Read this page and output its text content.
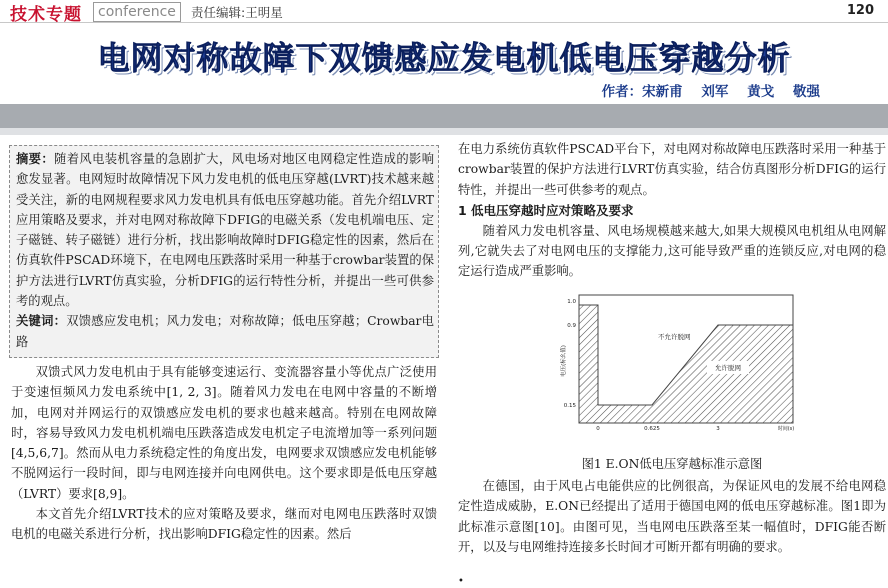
技术专题	conference	责任编辑:王明星	120
电网对称故障下双馈感应发电机低电压穿越分析
作者：宋新甫    刘军    黄戈    敬强

摘要：随着风电装机容量的急剧扩大，风电场对地区电网稳定性造成的影响愈发显著。电网短时故障情况下风力发电机的低电压穿越(LVRT)技术越来越受关注，新的电网规程要求风力发电机具有低电压穿越功能。首先介绍LVRT应用策略及要求，并对电网对称故障下DFIG的电磁关系（发电机端电压、定子磁链、转子磁链）进行分析，找出影响故障时DFIG稳定性的因素，然后在仿真软件PSCAD环境下，在电网电压跌落时采用一种基于crowbar装置的保护方法进行LVRT仿真实验，分析DFIG的运行特性分析，并提出一些可供参考的观点。

关键词：双馈感应发电机；风力发电；对称故障；低电压穿越；Crowbar电路

双馈式风力发电机由于具有能够变速运行、变流器容量小等优点广泛使用于变速恒频风力发电系统中[1, 2, 3]。随着风力发电在电网中容量的不断增加，电网对并网运行的双馈感应发电机的要求也越来越高。特别在电网故障时，容易导致风力发电机机端电压跌落造成发电机定子电流增加等一系列问题[4,5,6,7]。然而从电力系统稳定性的角度出发，电网要求双馈感应发电机能够不脱网运行一段时间，即与电网连接并向电网供电。这个要求即是低电压穿越（LVRT）要求[8,9]。

本文首先介绍LVRT技术的应对策略及要求，继而对电网电压跌落时双馈电机的电磁关系进行分析，找出影响DFIG稳定性的因素。然后

在电力系统仿真软件PSCAD平台下，对电网对称故障电压跌落时采用一种基于crowbar装置的保护方法进行LVRT仿真实验，结合仿真图形分析DFIG的运行特性，并提出一些可供参考的观点。

1 低电压穿越时应对策略及要求

随着风力发电机容量、风电场规模越来越大,如果大规模风电机组从电网解列,它就失去了对电网电压的支撑能力,这可能导致严重的连锁反应,对电网的稳定运行造成严重影响。

允许脱网
不允许脱网
1.0
0.9
0.15
0	0.625	3
电压(标幺值)
时间(s)
图1 E.ON低电压穿越标准示意图

在德国，由于风电占电能供应的比例很高，为保证风电的发展不给电网稳定性造成威胁，E.ON已经提出了适用于德国电网的低电压穿越标准。图1即为此标准示意图[10]。由图可见，当电网电压跌落至某一幅值时，DFIG能否断开，以及与电网维持连接多长时间才可断开都有明确的要求。

•
